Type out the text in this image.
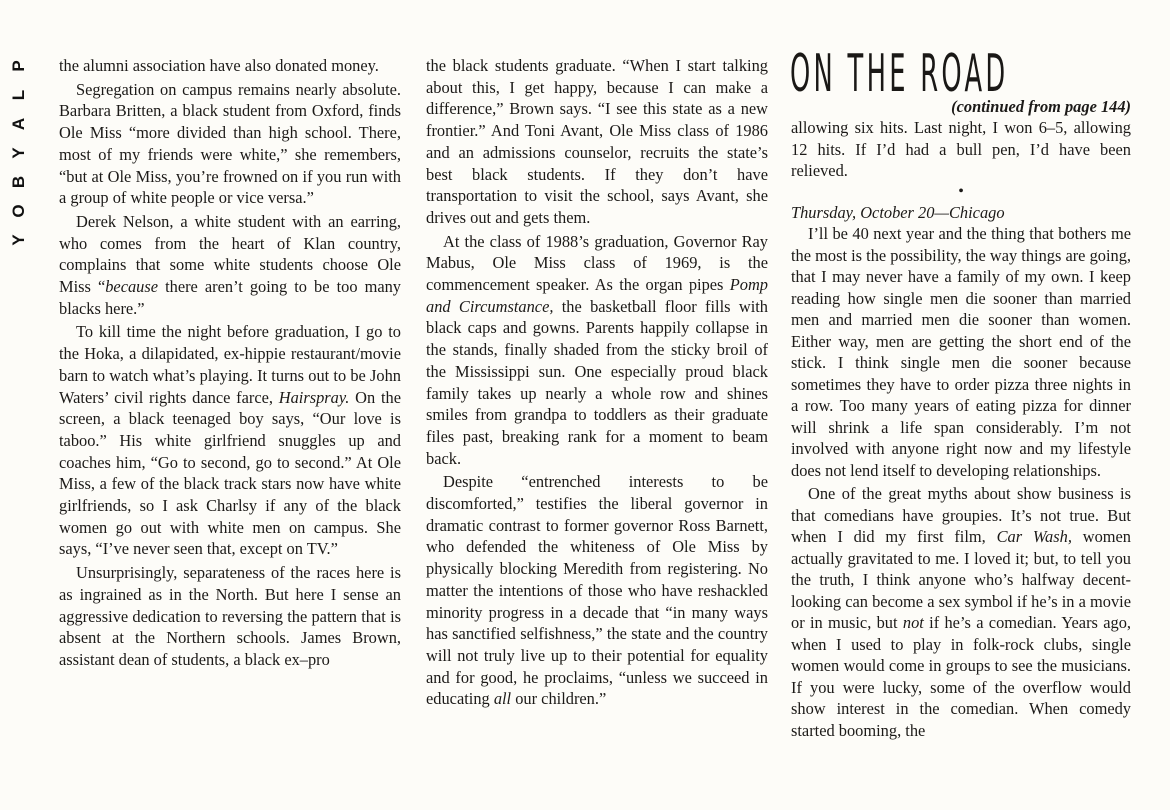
P
L
A
Y
B
O
Y

the alumni association have also donated money.

Segregation on campus remains nearly absolute. Barbara Britten, a black student from Oxford, finds Ole Miss “more divided than high school. There, most of my friends were white,” she remembers, “but at Ole Miss, you’re frowned on if you run with a group of white people or vice versa.”

Derek Nelson, a white student with an earring, who comes from the heart of Klan country, complains that some white students choose Ole Miss “because there aren’t going to be too many blacks here.”

To kill time the night before graduation, I go to the Hoka, a dilapidated, ex-hippie restaurant/movie barn to watch what’s playing. It turns out to be John Waters’ civil rights dance farce, Hairspray. On the screen, a black teenaged boy says, “Our love is taboo.” His white girlfriend snuggles up and coaches him, “Go to second, go to second.” At Ole Miss, a few of the black track stars now have white girlfriends, so I ask Charlsy if any of the black women go out with white men on campus. She says, “I’ve never seen that, except on TV.”

Unsurprisingly, separateness of the races here is as ingrained as in the North. But here I sense an aggressive dedication to reversing the pattern that is absent at the Northern schools. James Brown, assistant dean of students, a black ex–pro

the black students graduate. “When I start talking about this, I get happy, because I can make a difference,” Brown says. “I see this state as a new frontier.” And Toni Avant, Ole Miss class of 1986 and an admissions counselor, recruits the state’s best black students. If they don’t have transportation to visit the school, says Avant, she drives out and gets them.

At the class of 1988’s graduation, Governor Ray Mabus, Ole Miss class of 1969, is the commencement speaker. As the organ pipes Pomp and Circumstance, the basketball floor fills with black caps and gowns. Parents happily collapse in the stands, finally shaded from the sticky broil of the Mississippi sun. One especially proud black family takes up nearly a whole row and shines smiles from grandpa to toddlers as their graduate files past, breaking rank for a moment to beam back.

Despite “entrenched interests to be discomforted,” testifies the liberal governor in dramatic contrast to former governor Ross Barnett, who defended the whiteness of Ole Miss by physically blocking Meredith from registering. No matter the intentions of those who have reshackled minority progress in a decade that “in many ways has sanctified selfishness,” the state and the country will not truly live up to their potential for equality and for good, he proclaims, “unless we succeed in educating all our children.”

ON THE ROAD
(continued from page 144)

allowing six hits. Last night, I won 6–5, allowing 12 hits. If I’d had a bull pen, I’d have been relieved.

•

Thursday, October 20—Chicago

I’ll be 40 next year and the thing that bothers me the most is the possibility, the way things are going, that I may never have a family of my own. I keep reading how single men die sooner than married men and married men die sooner than women. Either way, men are getting the short end of the stick. I think single men die sooner because sometimes they have to order pizza three nights in a row. Too many years of eating pizza for dinner will shrink a life span considerably. I’m not involved with anyone right now and my lifestyle does not lend itself to developing relationships.

One of the great myths about show business is that comedians have groupies. It’s not true. But when I did my first film, Car Wash, women actually gravitated to me. I loved it; but, to tell you the truth, I think anyone who’s halfway decent-looking can become a sex symbol if he’s in a movie or in music, but not if he’s a comedian. Years ago, when I used to play in folk-rock clubs, single women would come in groups to see the musicians. If you were lucky, some of the overflow would show interest in the comedian. When comedy started booming, the
